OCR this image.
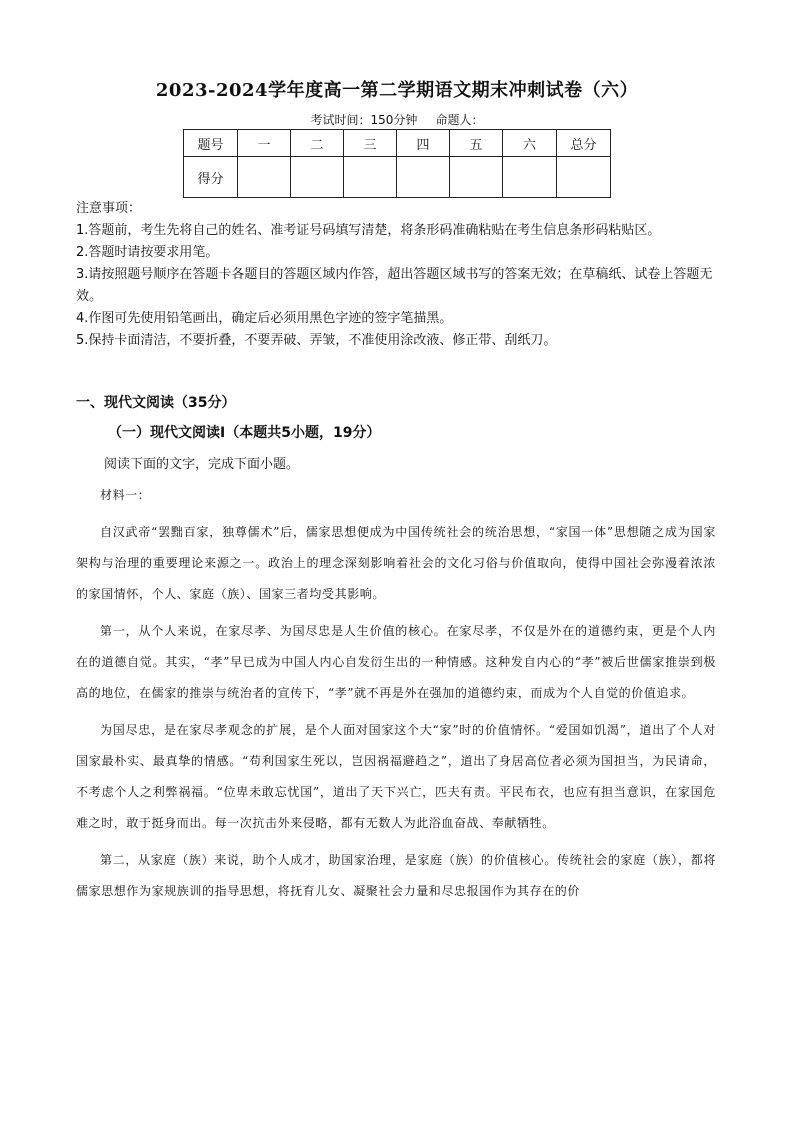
2023-2024学年度高一第二学期语文期末冲刺试卷（六）
考试时间：150分钟 命题人：
题号	一	二	三	四	五	六	总分
得分							
注意事项：
1.答题前，考生先将自己的姓名、准考证号码填写清楚，将条形码准确粘贴在考生信息条形码粘贴区。
2.答题时请按要求用笔。
3.请按照题号顺序在答题卡各题目的答题区域内作答，超出答题区域书写的答案无效；在草稿纸、试卷上答题无效。
4.作图可先使用铅笔画出，确定后必须用黑色字迹的签字笔描黑。
5.保持卡面清洁，不要折叠，不要弄破、弄皱，不准使用涂改液、修正带、刮纸刀。
一、现代文阅读（35分）
（一）现代文阅读Ⅰ（本题共5小题，19分）
阅读下面的文字，完成下面小题。

材料一：

自汉武帝“罢黜百家，独尊儒术”后，儒家思想便成为中国传统社会的统治思想，“家国一体”思想随之成为国家架构与治理的重要理论来源之一。政治上的理念深刻影响着社会的文化习俗与价值取向，使得中国社会弥漫着浓浓的家国情怀，个人、家庭（族）、国家三者均受其影响。

第一，从个人来说，在家尽孝、为国尽忠是人生价值的核心。在家尽孝，不仅是外在的道德约束，更是个人内在的道德自觉。其实，“孝”早已成为中国人内心自发衍生出的一种情感。这种发自内心的“孝”被后世儒家推崇到极高的地位，在儒家的推崇与统治者的宣传下，“孝”就不再是外在强加的道德约束，而成为个人自觉的价值追求。

为国尽忠，是在家尽孝观念的扩展，是个人面对国家这个大“家”时的价值情怀。“爱国如饥渴”，道出了个人对国家最朴实、最真挚的情感。“苟利国家生死以，岂因祸福避趋之”，道出了身居高位者必须为国担当，为民请命，不考虑个人之利弊祸福。“位卑未敢忘忧国”，道出了天下兴亡，匹夫有责。平民布衣，也应有担当意识，在家国危难之时，敢于挺身而出。每一次抗击外来侵略，都有无数人为此浴血奋战、奉献牺牲。

第二，从家庭（族）来说，助个人成才，助国家治理，是家庭（族）的价值核心。传统社会的家庭（族），都将儒家思想作为家规族训的指导思想，将抚育儿女、凝聚社会力量和尽忠报国作为其存在的价
